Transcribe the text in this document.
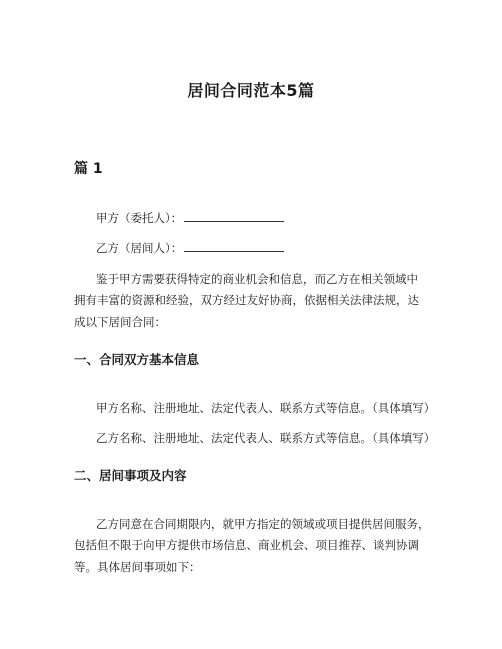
居间合同范本5篇
篇 1

甲方（委托人）：

乙方（居间人）：

鉴于甲方需要获得特定的商业机会和信息，而乙方在相关领域中

拥有丰富的资源和经验，双方经过友好协商，依据相关法律法规，达

成以下居间合同：

一、合同双方基本信息

甲方名称、注册地址、法定代表人、联系方式等信息。（具体填写）

乙方名称、注册地址、法定代表人、联系方式等信息。（具体填写）

二、居间事项及内容

乙方同意在合同期限内，就甲方指定的领域或项目提供居间服务，

包括但不限于向甲方提供市场信息、商业机会、项目推荐、谈判协调

等。具体居间事项如下：
